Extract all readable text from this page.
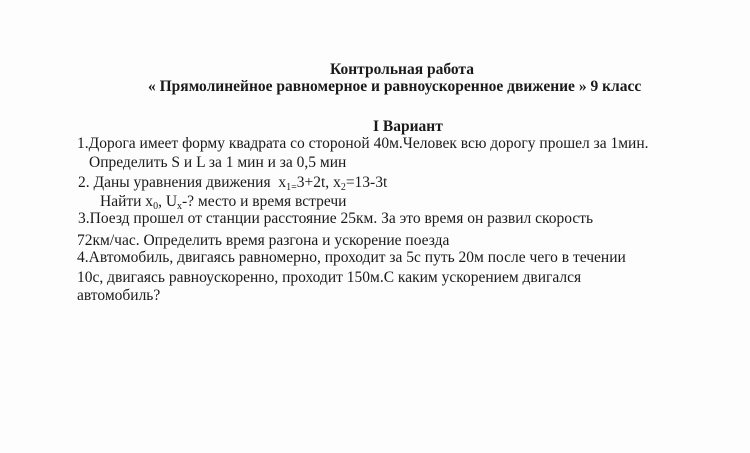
Контрольная работа
« Прямолинейное равномерное и равноускоренное движение » 9 класс
I Вариант
1.Дорога имеет форму квадрата со стороной 40м.Человек всю дорогу прошел за 1мин.
Определить S и L за 1 мин и за 0,5 мин
2. Даны уравнения движения $x_{1=}3+2t$, $x_2=13-3t$
Найти $x_0$, $U_x-$? место и время встречи
3.Поезд прошел от станции расстояние 25км. За это время он развил скорость
72км/час. Определить время разгона и ускорение поезда
4.Автомобиль, двигаясь равномерно, проходит за 5с путь 20м после чего в течении
10с, двигаясь равноускоренно, проходит 150м.С каким ускорением двигался
автомобиль?
